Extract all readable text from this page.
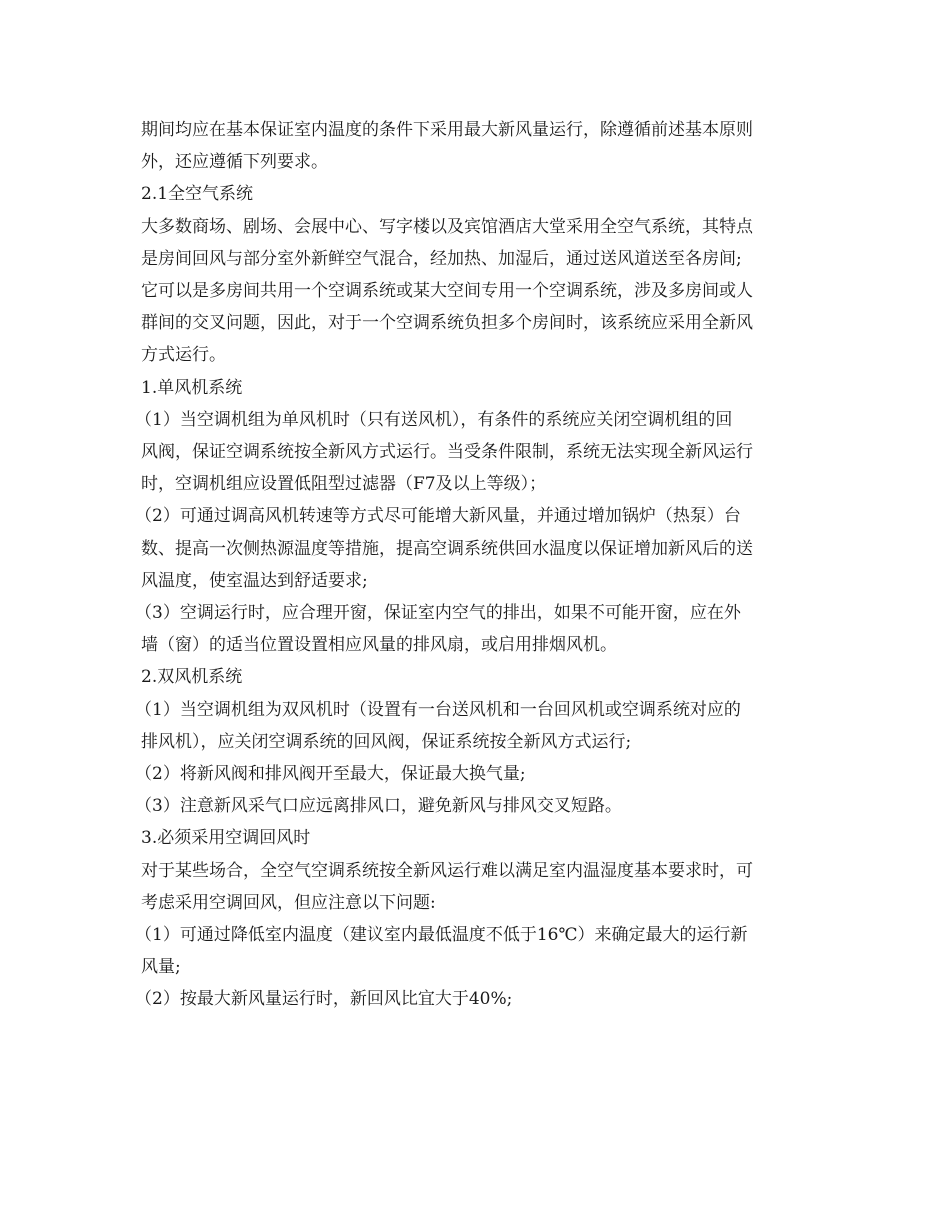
期间均应在基本保证室内温度的条件下采用最大新风量运行，除遵循前述基本原则
外，还应遵循下列要求。
2.1全空气系统
大多数商场、剧场、会展中心、写字楼以及宾馆酒店大堂采用全空气系统，其特点
是房间回风与部分室外新鲜空气混合，经加热、加湿后，通过送风道送至各房间;
它可以是多房间共用一个空调系统或某大空间专用一个空调系统，涉及多房间或人
群间的交叉问题，因此，对于一个空调系统负担多个房间时，该系统应采用全新风
方式运行。
1.单风机系统
（1）当空调机组为单风机时（只有送风机），有条件的系统应关闭空调机组的回
风阀，保证空调系统按全新风方式运行。当受条件限制，系统无法实现全新风运行
时，空调机组应设置低阻型过滤器（F7及以上等级）；
（2）可通过调高风机转速等方式尽可能增大新风量，并通过增加锅炉（热泵）台
数、提高一次侧热源温度等措施，提高空调系统供回水温度以保证增加新风后的送
风温度，使室温达到舒适要求;
（3）空调运行时，应合理开窗，保证室内空气的排出，如果不可能开窗，应在外
墙（窗）的适当位置设置相应风量的排风扇，或启用排烟风机。
2.双风机系统
（1）当空调机组为双风机时（设置有一台送风机和一台回风机或空调系统对应的
排风机），应关闭空调系统的回风阀，保证系统按全新风方式运行;
（2）将新风阀和排风阀开至最大，保证最大换气量;
（3）注意新风采气口应远离排风口，避免新风与排风交叉短路。
3.必须采用空调回风时
对于某些场合，全空气空调系统按全新风运行难以满足室内温湿度基本要求时，可
考虑采用空调回风，但应注意以下问题:
（1）可通过降低室内温度（建议室内最低温度不低于16℃）来确定最大的运行新
风量;
（2）按最大新风量运行时，新回风比宜大于40%;
